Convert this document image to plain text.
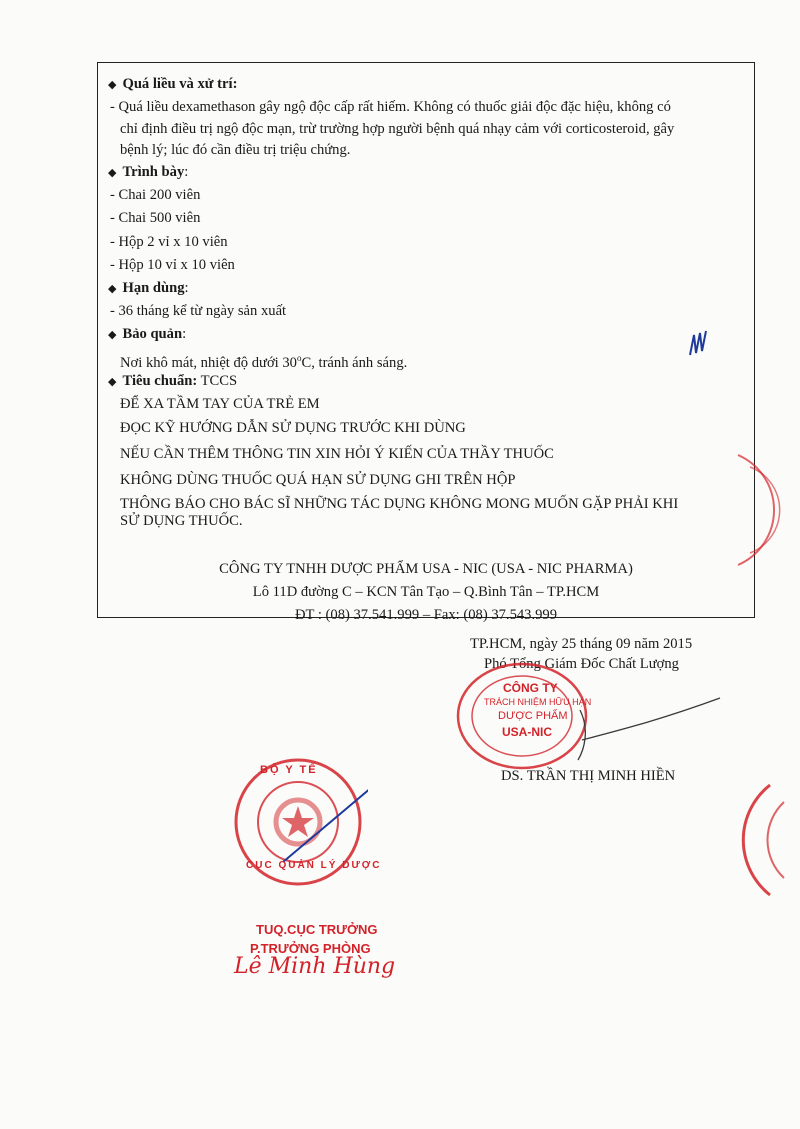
◆ Quá liều và xử trí:
- Quá liều dexamethason gây ngộ độc cấp rất hiếm. Không có thuốc giải độc đặc hiệu, không có
chỉ định điều trị ngộ độc mạn, trừ trường hợp người bệnh quá nhạy cảm với corticosteroid, gây
bệnh lý; lúc đó cần điều trị triệu chứng.
◆ Trình bày:
- Chai 200 viên
- Chai 500 viên
- Hộp 2 vỉ x 10 viên
- Hộp 10 vỉ x 10 viên
◆ Hạn dùng:
- 36 tháng kể từ ngày sản xuất
◆ Bảo quản:
Nơi khô mát, nhiệt độ dưới 30$^o$C, tránh ánh sáng.
◆ Tiêu chuẩn: TCCS
ĐỂ XA TẦM TAY CỦA TRẺ EM
ĐỌC KỸ HƯỚNG DẪN SỬ DỤNG TRƯỚC KHI DÙNG
NẾU CẦN THÊM THÔNG TIN XIN HỎI Ý KIẾN CỦA THẦY THUỐC
KHÔNG DÙNG THUỐC QUÁ HẠN SỬ DỤNG GHI TRÊN HỘP
THÔNG BÁO CHO BÁC SĨ NHỮNG TÁC DỤNG KHÔNG MONG MUỐN GẶP PHẢI KHI
SỬ DỤNG THUỐC.
CÔNG TY TNHH DƯỢC PHẨM USA - NIC (USA - NIC PHARMA)
Lô 11D đường C – KCN Tân Tạo – Q.Bình Tân – TP.HCM
ĐT : (08) 37.541.999 – Fax: (08) 37.543.999
TP.HCM, ngày 25 tháng 09 năm 2015
Phó Tổng Giám Đốc Chất Lượng
CÔNG TY
TRÁCH NHIỆM HỮU HẠN
DƯỢC PHẨM
USA-NIC
DS. TRẦN THỊ MINH HIỀN
BỘ Y TẾ
CỤC QUẢN LÝ DƯỢC
TUQ.CỤC TRƯỞNG
P.TRƯỞNG PHÒNG
Lê Minh Hùng
